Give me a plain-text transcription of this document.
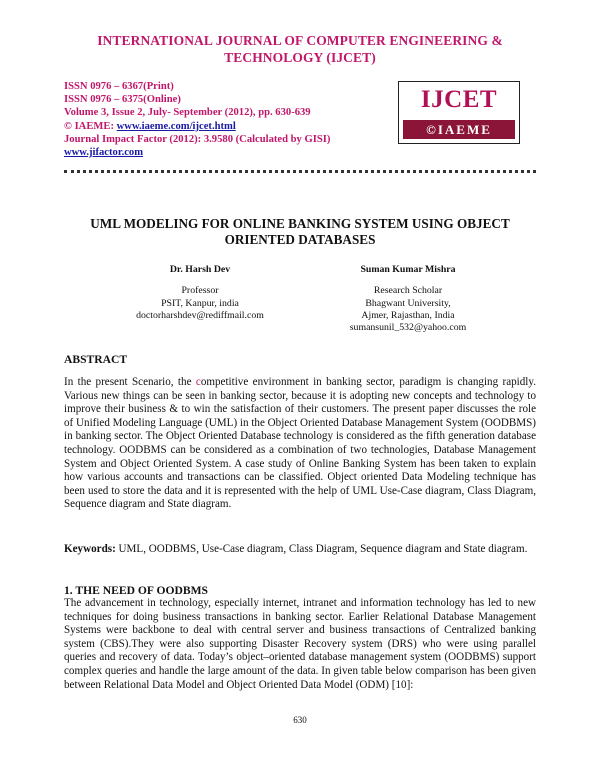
INTERNATIONAL JOURNAL OF COMPUTER ENGINEERING &
TECHNOLOGY (IJCET)
ISSN 0976 – 6367(Print)
ISSN 0976 – 6375(Online)
Volume 3, Issue 2, July- September (2012), pp. 630-639
© IAEME: www.iaeme.com/ijcet.html
Journal Impact Factor (2012): 3.9580 (Calculated by GISI)
www.jifactor.com
IJCET
©IAEME
UML MODELING FOR ONLINE BANKING SYSTEM USING OBJECT
ORIENTED DATABASES
Dr. Harsh Dev
Professor
PSIT, Kanpur, india
doctorharshdev@rediffmail.com
Suman Kumar Mishra
Research Scholar
Bhagwant University,
Ajmer, Rajasthan, India
sumansunil_532@yahoo.com
ABSTRACT
In the present Scenario, the competitive environment in banking sector, paradigm is changing rapidly. Various new things can be seen in banking sector, because it is adopting new concepts and technology to improve their business & to win the satisfaction of their customers. The present paper discusses the role of Unified Modeling Language (UML) in the Object Oriented Database Management System (OODBMS) in banking sector. The Object Oriented Database technology is considered as the fifth generation database technology. OODBMS can be considered as a combination of two technologies, Database Management System and Object Oriented System. A case study of Online Banking System has been taken to explain how various accounts and transactions can be classified. Object oriented Data Modeling technique has been used to store the data and it is represented with the help of UML Use-Case diagram, Class Diagram, Sequence diagram and State diagram.
Keywords: UML, OODBMS, Use-Case diagram, Class Diagram, Sequence diagram and State diagram.
1. THE NEED OF OODBMS
The advancement in technology, especially internet, intranet and information technology has led to new techniques for doing business transactions in banking sector. Earlier Relational Database Management Systems were backbone to deal with central server and business transactions of Centralized banking system (CBS).They were also supporting Disaster Recovery system (DRS) who were using parallel queries and recovery of data. Today’s object–oriented database management system (OODBMS) support complex queries and handle the large amount of the data. In given table below comparison has been given between Relational Data Model and Object Oriented Data Model (ODM) [10]:
630
